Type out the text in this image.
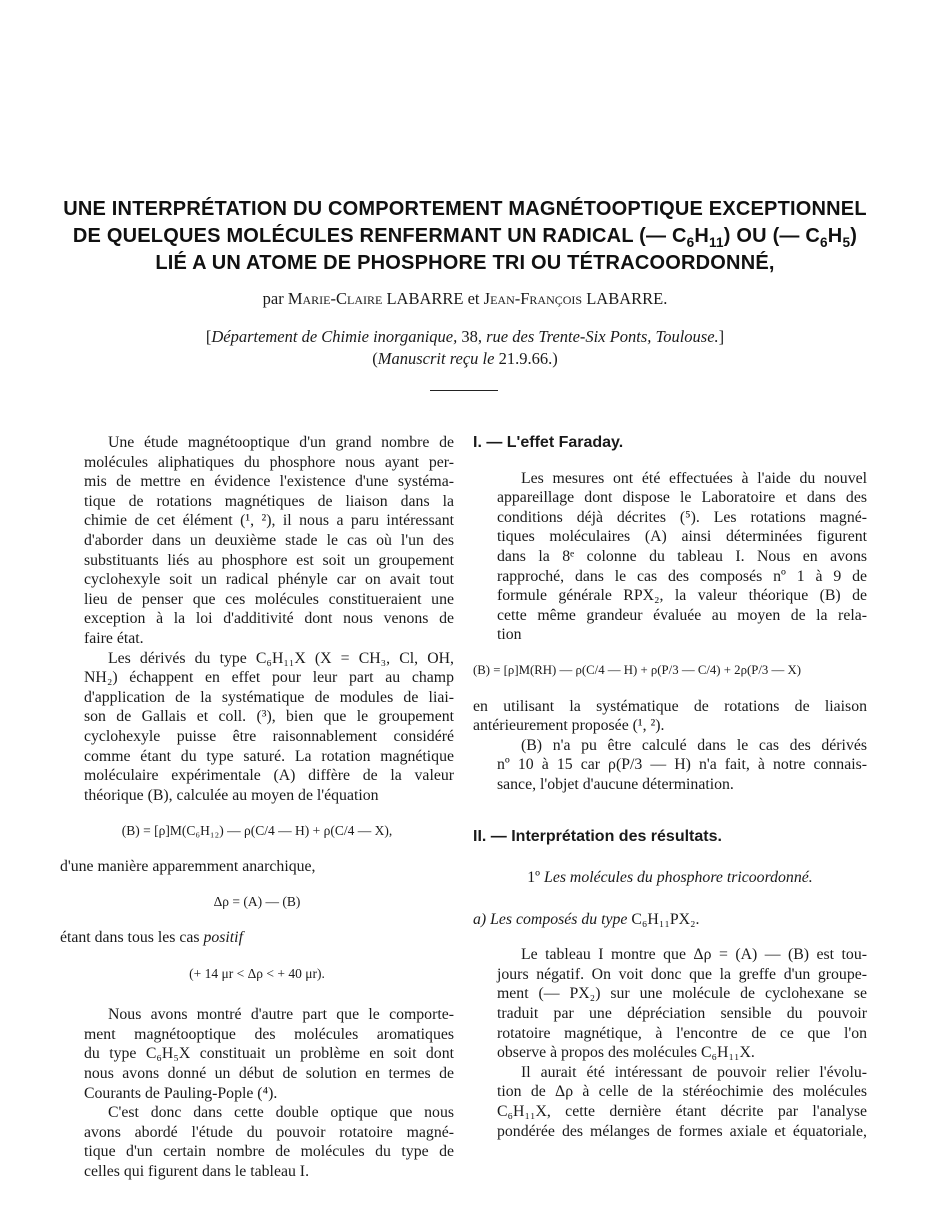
UNE INTERPRÉTATION DU COMPORTEMENT MAGNÉTOOPTIQUE EXCEPTIONNEL
DE QUELQUES MOLÉCULES RENFERMANT UN RADICAL (— $C_6H_{11}$) OU (— $C_6H_5$)
LIÉ A UN ATOME DE PHOSPHORE TRI OU TÉTRACOORDONNÉ,
par Marie-Claire LABARRE et Jean-François LABARRE.
[Département de Chimie inorganique, 38, rue des Trente-Six Ponts, Toulouse.]
(Manuscrit reçu le 21.9.66.)
Une étude magnétooptique d'un grand nombre de
molécules aliphatiques du phosphore nous ayant per-
mis de mettre en évidence l'existence d'une systéma-
tique de rotations magnétiques de liaison dans la
chimie de cet élément (¹, ²), il nous a paru intéressant
d'aborder dans un deuxième stade le cas où l'un des
substituants liés au phosphore est soit un groupement
cyclohexyle soit un radical phényle car on avait tout
lieu de penser que ces molécules constitueraient une
exception à la loi d'additivité dont nous venons de
faire état.
Les dérivés du type C₆H₁₁X (X = CH₃, Cl, OH,
NH₂) échappent en effet pour leur part au champ
d'application de la systématique de modules de liai-
son de Gallais et coll. (³), bien que le groupement
cyclohexyle puisse être raisonnablement considéré
comme étant du type saturé. La rotation magnétique
moléculaire expérimentale (A) diffère de la valeur
théorique (B), calculée au moyen de l'équation
(B) = [ρ]M(C₆H₁₂) — ρ(C/4 — H) + ρ(C/4 — X),
d'une manière apparemment anarchique,
Δρ = (A) — (B)
étant dans tous les cas positif
(+ 14 μr < Δρ < + 40 μr).
Nous avons montré d'autre part que le comporte-
ment magnétooptique des molécules aromatiques
du type C₆H₅X constituait un problème en soit dont
nous avons donné un début de solution en termes de
Courants de Pauling-Pople (⁴).
C'est donc dans cette double optique que nous
avons abordé l'étude du pouvoir rotatoire magné-
tique d'un certain nombre de molécules du type de
celles qui figurent dans le tableau I.
I. — L'effet Faraday.
Les mesures ont été effectuées à l'aide du nouvel
appareillage dont dispose le Laboratoire et dans des
conditions déjà décrites (⁵). Les rotations magné-
tiques moléculaires (A) ainsi déterminées figurent
dans la 8ᵉ colonne du tableau I. Nous en avons
rapproché, dans le cas des composés nº 1 à 9 de
formule générale RPX₂, la valeur théorique (B) de
cette même grandeur évaluée au moyen de la rela-
tion
(B) = [ρ]M(RH) — ρ(C/4 — H) + ρ(P/3 — C/4) + 2ρ(P/3 — X)
en utilisant la systématique de rotations de liaison
antérieurement proposée (¹, ²).
(B) n'a pu être calculé dans le cas des dérivés
nº 10 à 15 car ρ(P/3 — H) n'a fait, à notre connais-
sance, l'objet d'aucune détermination.
II. — Interprétation des résultats.
1º Les molécules du phosphore tricoordonné.
a) Les composés du type C₆H₁₁PX₂.
Le tableau I montre que Δρ = (A) — (B) est tou-
jours négatif. On voit donc que la greffe d'un groupe-
ment (— PX₂) sur une molécule de cyclohexane se
traduit par une dépréciation sensible du pouvoir
rotatoire magnétique, à l'encontre de ce que l'on
observe à propos des molécules C₆H₁₁X.
Il aurait été intéressant de pouvoir relier l'évolu-
tion de Δρ à celle de la stéréochimie des molécules
C₆H₁₁X, cette dernière étant décrite par l'analyse
pondérée des mélanges de formes axiale et équatoriale,
